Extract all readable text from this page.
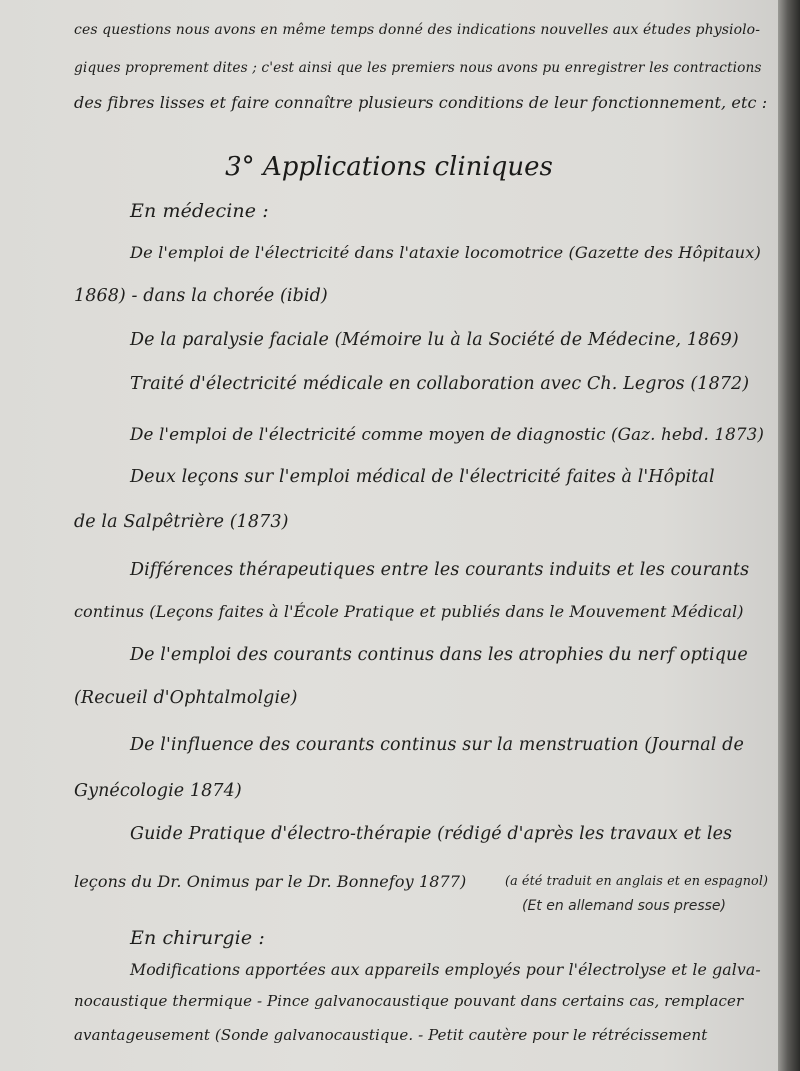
ces questions nous avons en même temps donné des indications nouvelles aux études physiolo-
giques proprement dites ; c'est ainsi que les premiers nous avons pu enregistrer les contractions
des fibres lisses et faire connaître plusieurs conditions de leur fonctionnement, etc :
3° Applications cliniques
En médecine :
De l'emploi de l'électricité dans l'ataxie locomotrice (Gazette des Hôpitaux)
1868) - dans la chorée (ibid)
De la paralysie faciale (Mémoire lu à la Société de Médecine, 1869)
Traité d'électricité médicale en collaboration avec Ch. Legros (1872)
De l'emploi de l'électricité comme moyen de diagnostic (Gaz. hebd. 1873)
Deux leçons sur l'emploi médical de l'électricité faites à l'Hôpital
de la Salpêtrière (1873)
Différences thérapeutiques entre les courants induits et les courants
continus (Leçons faites à l'École Pratique et publiés dans le Mouvement Médical)
De l'emploi des courants continus dans les atrophies du nerf optique
(Recueil d'Ophtalmolgie)
De l'influence des courants continus sur la menstruation (Journal de
Gynécologie 1874)
Guide Pratique d'électro-thérapie (rédigé d'après les travaux et les
leçons du Dr. Onimus par le Dr. Bonnefoy 1877)	(a été traduit en anglais et en espagnol)
(Et en allemand sous presse)
En chirurgie :
Modifications apportées aux appareils employés pour l'électrolyse et le galva-
nocaustique thermique - Pince galvanocaustique pouvant dans certains cas, remplacer
avantageusement (Sonde galvanocaustique. - Petit cautère pour le rétrécissement
